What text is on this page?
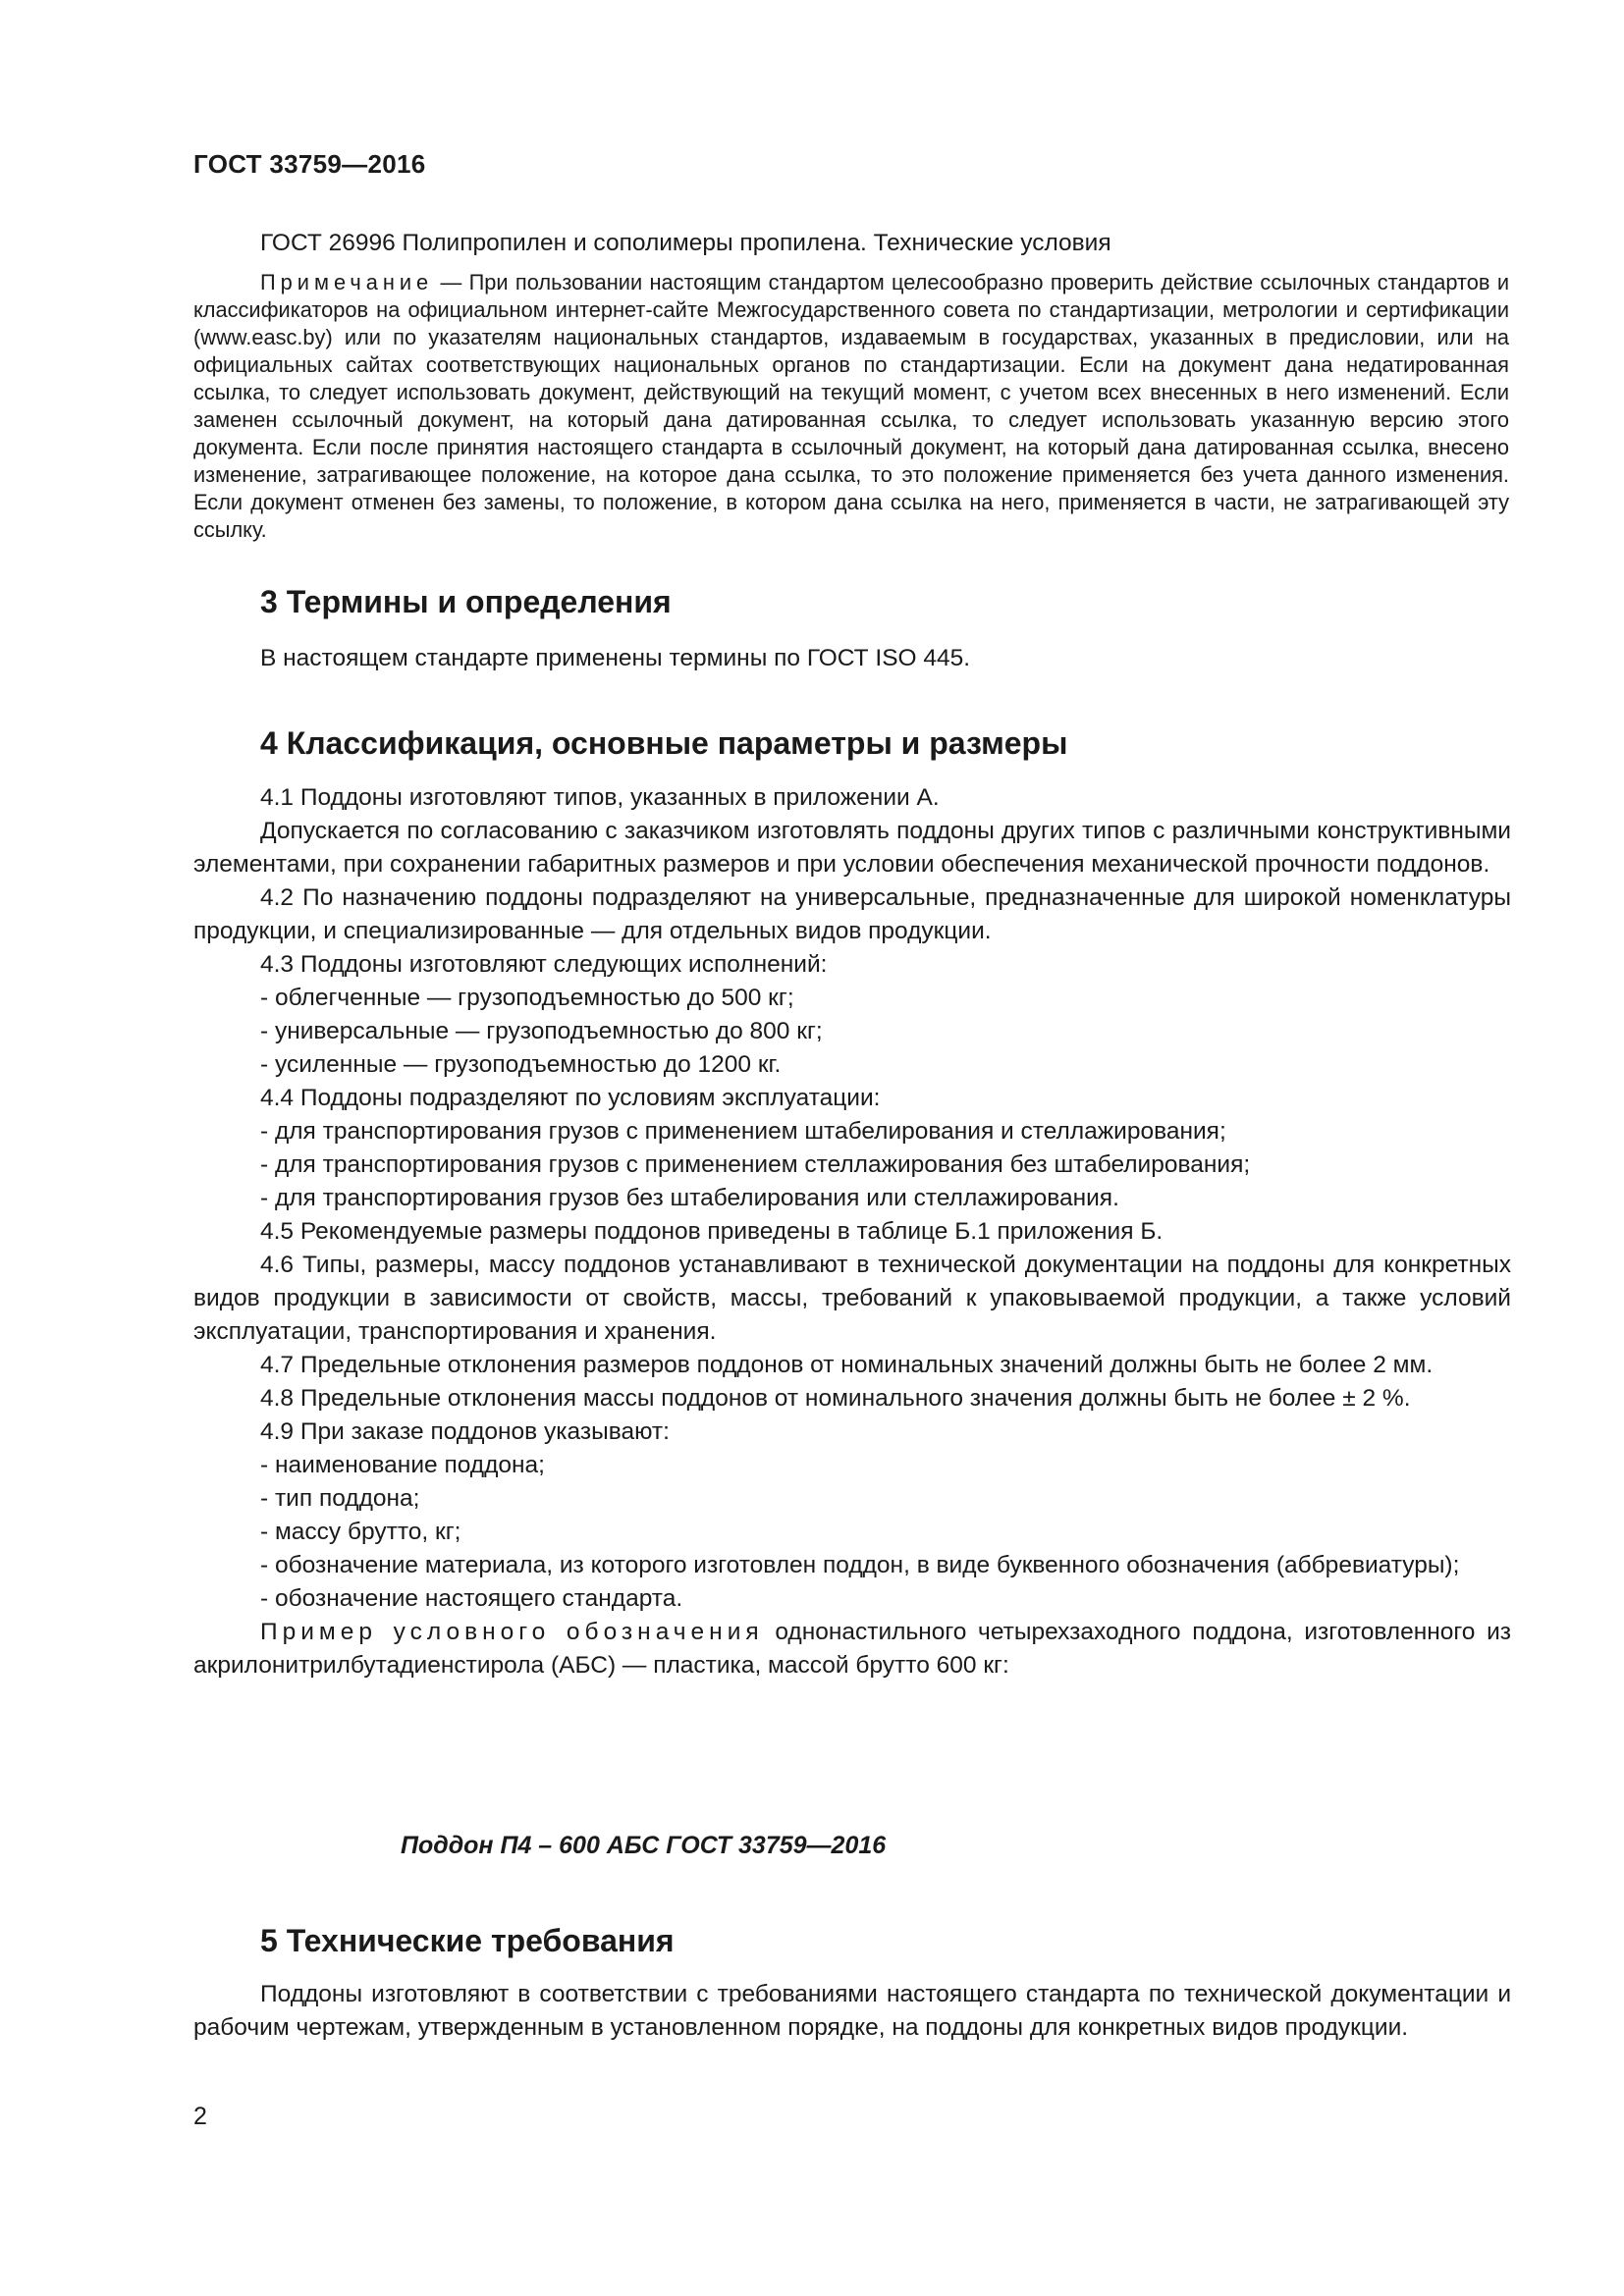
ГОСТ 33759—2016
ГОСТ 26996 Полипропилен и сополимеры пропилена. Технические условия
Примечание — При пользовании настоящим стандартом целесообразно проверить действие ссылочных стандартов и классификаторов на официальном интернет-сайте Межгосударственного совета по стандартизации, метрологии и сертификации (www.easc.by) или по указателям национальных стандартов, издаваемым в государствах, указанных в предисловии, или на официальных сайтах соответствующих национальных органов по стандартизации. Если на документ дана недатированная ссылка, то следует использовать документ, действующий на текущий момент, с учетом всех внесенных в него изменений. Если заменен ссылочный документ, на который дана датированная ссылка, то следует использовать указанную версию этого документа. Если после принятия настоящего стандарта в ссылочный документ, на который дана датированная ссылка, внесено изменение, затрагивающее положение, на которое дана ссылка, то это положение применяется без учета данного изменения. Если документ отменен без замены, то положение, в котором дана ссылка на него, применяется в части, не затрагивающей эту ссылку.
3 Термины и определения

В настоящем стандарте применены термины по ГОСТ ISO 445.

4 Классификация, основные параметры и размеры

4.1 Поддоны изготовляют типов, указанных в приложении А.

Допускается по согласованию с заказчиком изготовлять поддоны других типов с различными конструктивными элементами, при сохранении габаритных размеров и при условии обеспечения механической прочности поддонов.

4.2 По назначению поддоны подразделяют на универсальные, предназначенные для широкой номенклатуры продукции, и специализированные — для отдельных видов продукции.

4.3 Поддоны изготовляют следующих исполнений:

- облегченные — грузоподъемностью до 500 кг;

- универсальные — грузоподъемностью до 800 кг;

- усиленные — грузоподъемностью до 1200 кг.

4.4 Поддоны подразделяют по условиям эксплуатации:

- для транспортирования грузов с применением штабелирования и стеллажирования;

- для транспортирования грузов с применением стеллажирования без штабелирования;

- для транспортирования грузов без штабелирования или стеллажирования.

4.5 Рекомендуемые размеры поддонов приведены в таблице Б.1 приложения Б.

4.6 Типы, размеры, массу поддонов устанавливают в технической документации на поддоны для конкретных видов продукции в зависимости от свойств, массы, требований к упаковываемой продукции, а также условий эксплуатации, транспортирования и хранения.

4.7 Предельные отклонения размеров поддонов от номинальных значений должны быть не более 2 мм.

4.8 Предельные отклонения массы поддонов от номинального значения должны быть не более ± 2 %.

4.9 При заказе поддонов указывают:

- наименование поддона;

- тип поддона;

- массу брутто, кг;

- обозначение материала, из которого изготовлен поддон, в виде буквенного обозначения (аббревиатуры);

- обозначение настоящего стандарта.

Пример условного обозначения однонастильного четырехзаходного поддона, изготовленного из акрилонитрилбутадиенстирола (АБС) — пластика, массой брутто 600 кг:

Поддон П4 – 600 АБС ГОСТ 33759—2016
5 Технические требования

Поддоны изготовляют в соответствии с требованиями настоящего стандарта по технической документации и рабочим чертежам, утвержденным в установленном порядке, на поддоны для конкретных видов продукции.

2
